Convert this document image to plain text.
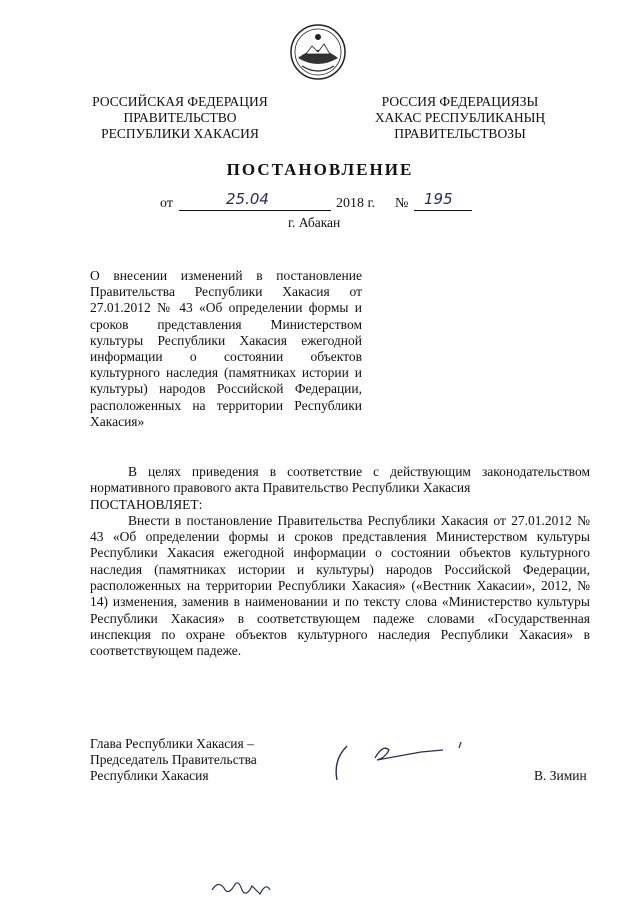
РОССИЙСКАЯ ФЕДЕРАЦИЯ
ПРАВИТЕЛЬСТВО
РЕСПУБЛИКИ ХАКАСИЯ
РОССИЯ ФЕДЕРАЦИЯЗЫ
ХАКАС РЕСПУБЛИКАНЫҢ
ПРАВИТЕЛЬСТВОЗЫ
ПОСТАНОВЛЕНИЕ
от	25.04	2018 г. № 195
г. Абакан
О внесении изменений в постановление Правительства Республики Хакасия от 27.01.2012 № 43 «Об определении формы и сроков представления Министерством культуры Республики Хакасия ежегодной информации о состоянии объектов культурного наследия (памятниках истории и культуры) народов Российской Федерации, расположенных на территории Республики Хакасия»

В целях приведения в соответствие с действующим законодательством нормативного правового акта Правительство Республики Хакасия

ПОСТАНОВЛЯЕТ:

Внести в постановление Правительства Республики Хакасия от 27.01.2012 № 43 «Об определении формы и сроков представления Министерством культуры Республики Хакасия ежегодной информации о состоянии объектов культурного наследия (памятниках истории и культуры) народов Российской Федерации, расположенных на территории Республики Хакасия» («Вестник Хакасии», 2012, № 14) изменения, заменив в наименовании и по тексту слова «Министерство культуры Республики Хакасия» в соответствующем падеже словами «Государственная инспекция по охране объектов культурного наследия Республики Хакасия» в соответствующем падеже.

Глава Республики Хакасия –
Председатель Правительства
Республики Хакасия	В. Зимин
